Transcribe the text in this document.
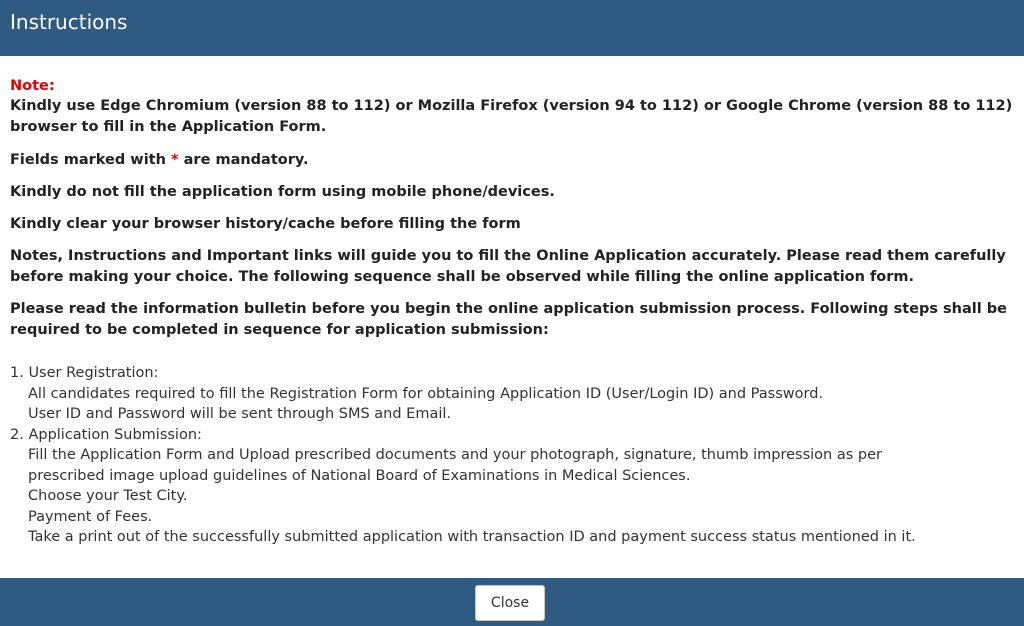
Instructions
Note:

Kindly use Edge Chromium (version 88 to 112) or Mozilla Firefox (version 94 to 112) or Google Chrome (version 88 to 112) browser to fill in the Application Form.

Fields marked with * are mandatory.

Kindly do not fill the application form using mobile phone/devices.

Kindly clear your browser history/cache before filling the form

Notes, Instructions and Important links will guide you to fill the Online Application accurately. Please read them carefully before making your choice. The following sequence shall be observed while filling the online application form.

Please read the information bulletin before you begin the online application submission process. Following steps shall be required to be completed in sequence for application submission:

1. User Registration:
All candidates required to fill the Registration Form for obtaining Application ID (User/Login ID) and Password.
User ID and Password will be sent through SMS and Email.
2. Application Submission:
Fill the Application Form and Upload prescribed documents and your photograph, signature, thumb impression as per prescribed image upload guidelines of National Board of Examinations in Medical Sciences.
Choose your Test City.
Payment of Fees.
Take a print out of the successfully submitted application with transaction ID and payment success status mentioned in it.
Close
